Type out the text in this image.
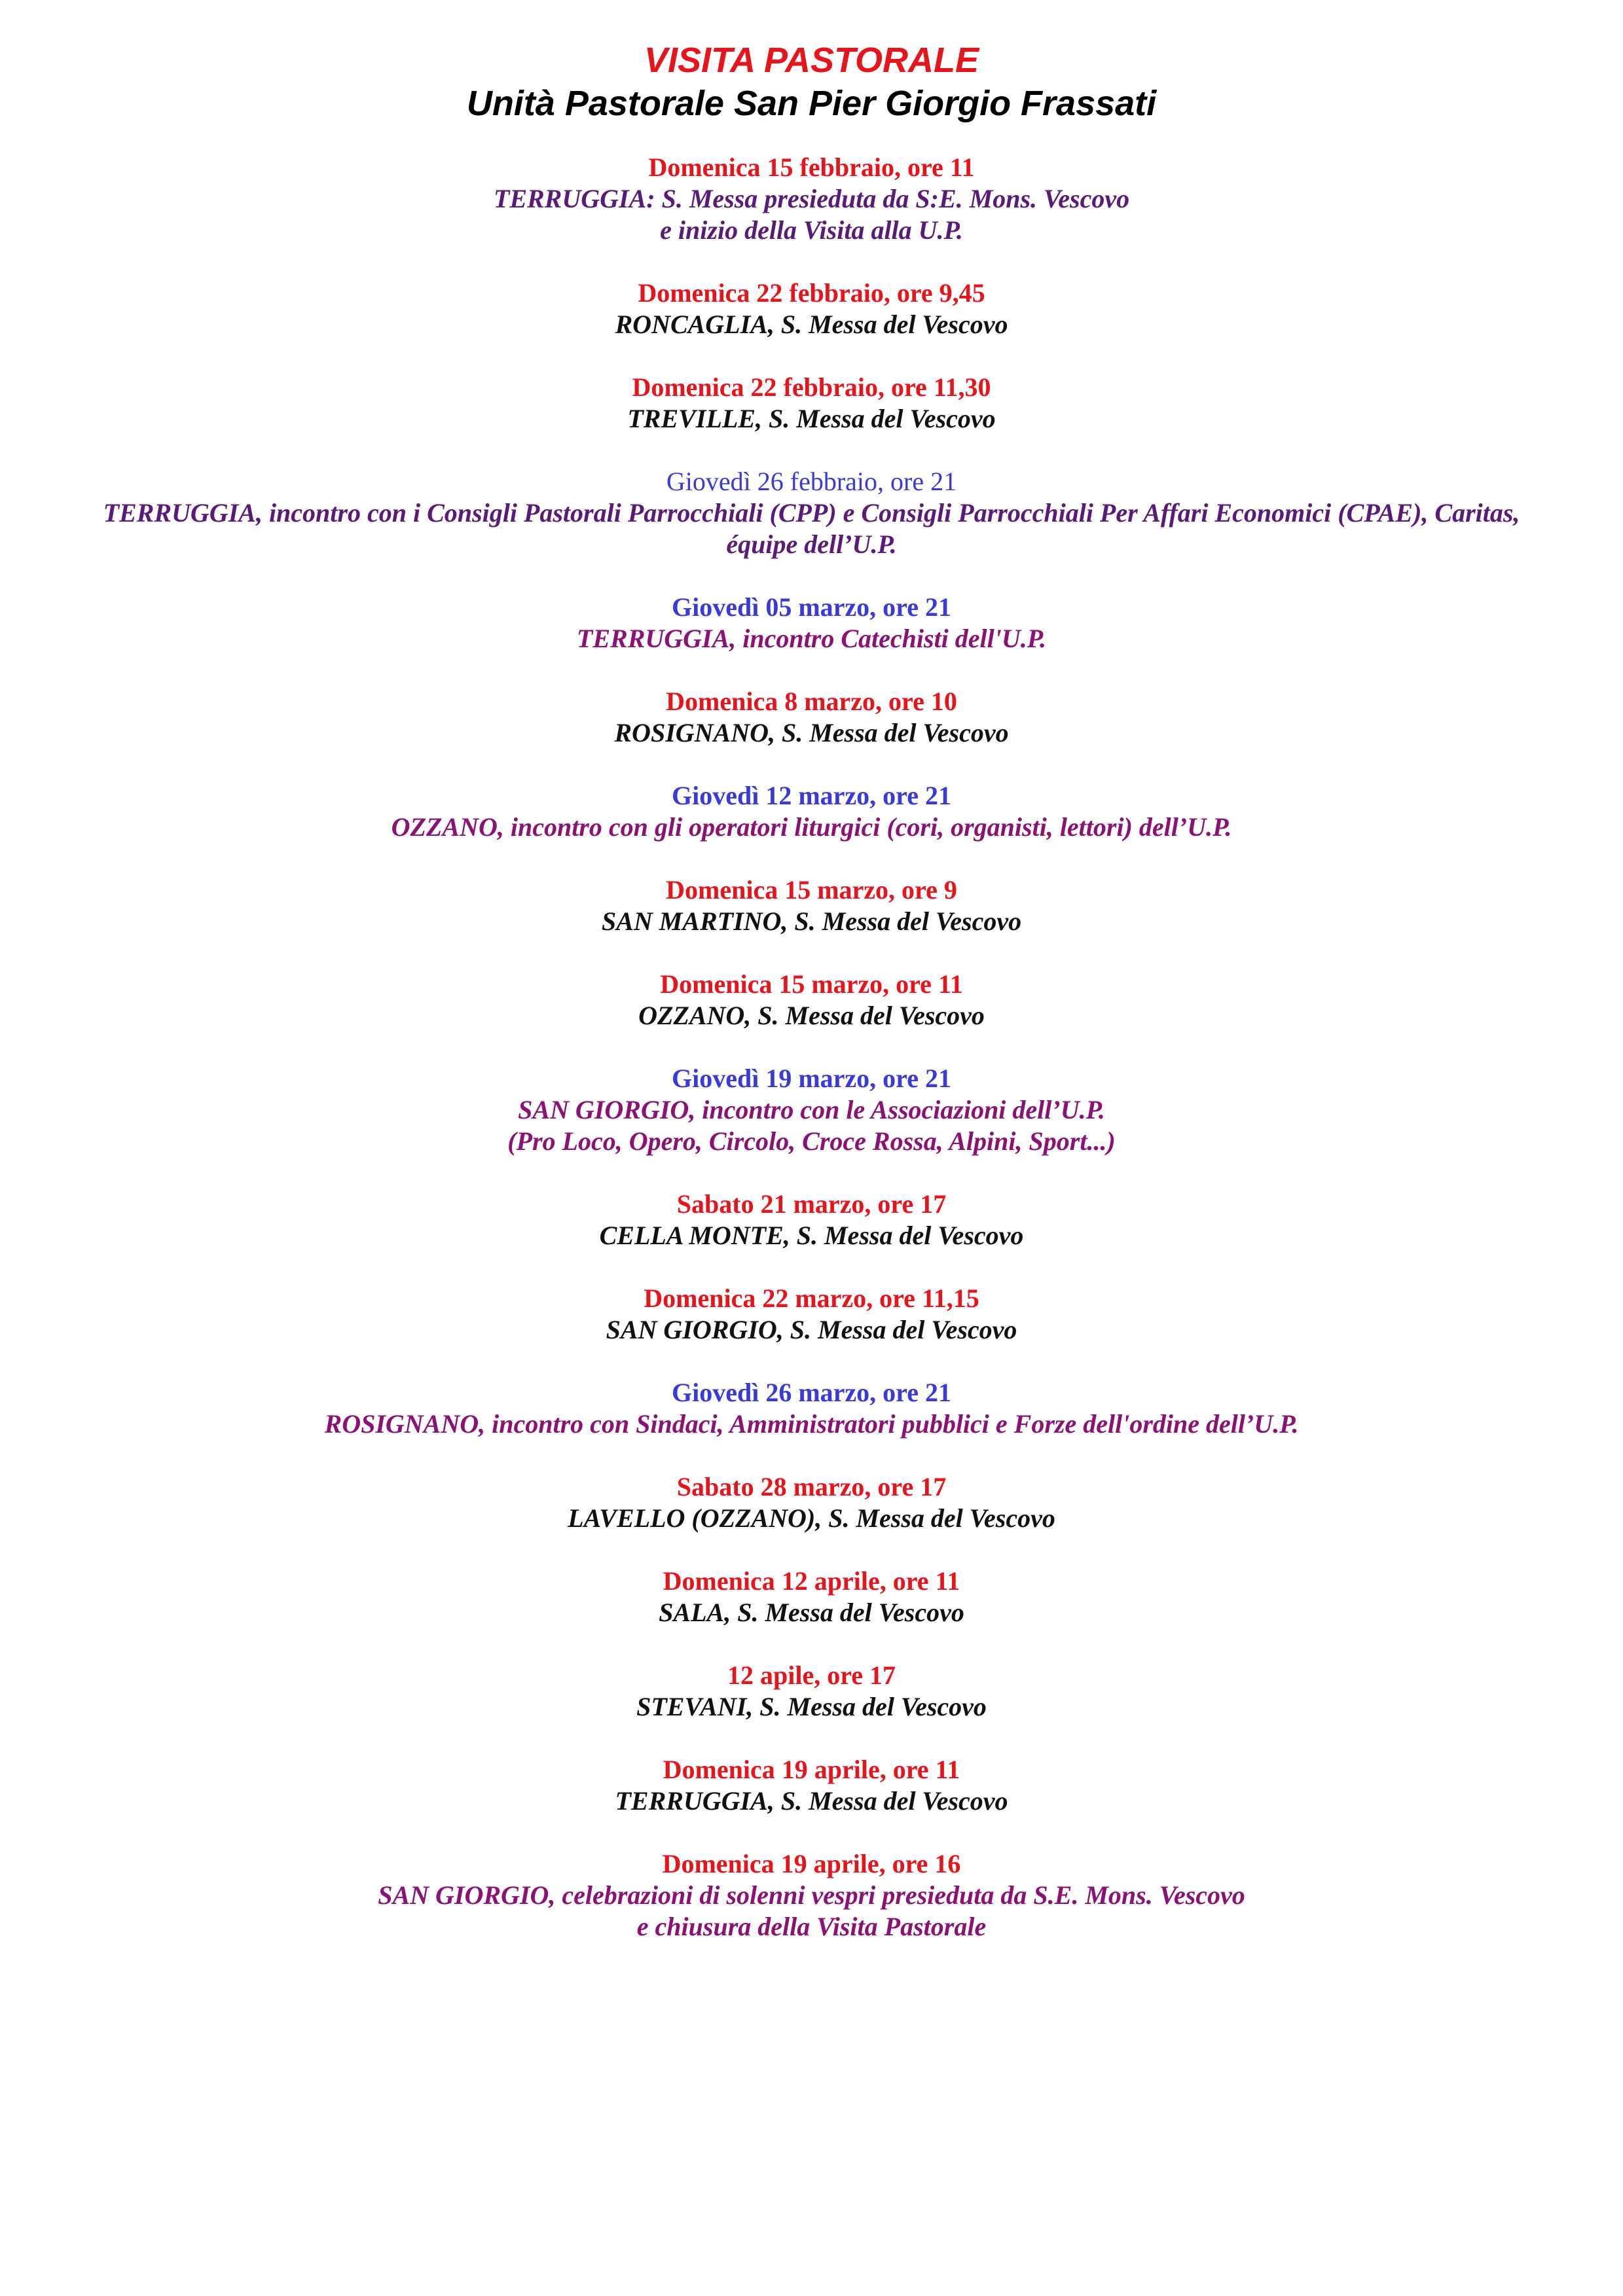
VISITA PASTORALE
Unità Pastorale San Pier Giorgio Frassati
Domenica 15 febbraio, ore 11
TERRUGGIA: S. Messa presieduta da S:E. Mons. Vescovo
e inizio della Visita alla U.P.
Domenica 22 febbraio, ore 9,45
RONCAGLIA, S. Messa del Vescovo
Domenica 22 febbraio, ore 11,30
TREVILLE, S. Messa del Vescovo
Giovedì 26 febbraio, ore 21
TERRUGGIA, incontro con i Consigli Pastorali Parrocchiali (CPP) e Consigli Parrocchiali Per Affari Economici (CPAE), Caritas,
équipe dell’U.P.
Giovedì 05 marzo, ore 21
TERRUGGIA, incontro Catechisti dell'U.P.
Domenica 8 marzo, ore 10
ROSIGNANO, S. Messa del Vescovo
Giovedì 12 marzo, ore 21
OZZANO, incontro con gli operatori liturgici (cori, organisti, lettori) dell’U.P.
Domenica 15 marzo, ore 9
SAN MARTINO, S. Messa del Vescovo
Domenica 15 marzo, ore 11
OZZANO, S. Messa del Vescovo
Giovedì 19 marzo, ore 21
SAN GIORGIO, incontro con le Associazioni dell’U.P.
(Pro Loco, Opero, Circolo, Croce Rossa, Alpini, Sport...)
Sabato 21 marzo, ore 17
CELLA MONTE, S. Messa del Vescovo
Domenica 22 marzo, ore 11,15
SAN GIORGIO, S. Messa del Vescovo
Giovedì 26 marzo, ore 21
ROSIGNANO, incontro con Sindaci, Amministratori pubblici e Forze dell'ordine dell’U.P.
Sabato 28 marzo, ore 17
LAVELLO (OZZANO), S. Messa del Vescovo
Domenica 12 aprile, ore 11
SALA, S. Messa del Vescovo
12 apile, ore 17
STEVANI, S. Messa del Vescovo
Domenica 19 aprile, ore 11
TERRUGGIA, S. Messa del Vescovo
Domenica 19 aprile, ore 16
SAN GIORGIO, celebrazioni di solenni vespri presieduta da S.E. Mons. Vescovo
e chiusura della Visita Pastorale
